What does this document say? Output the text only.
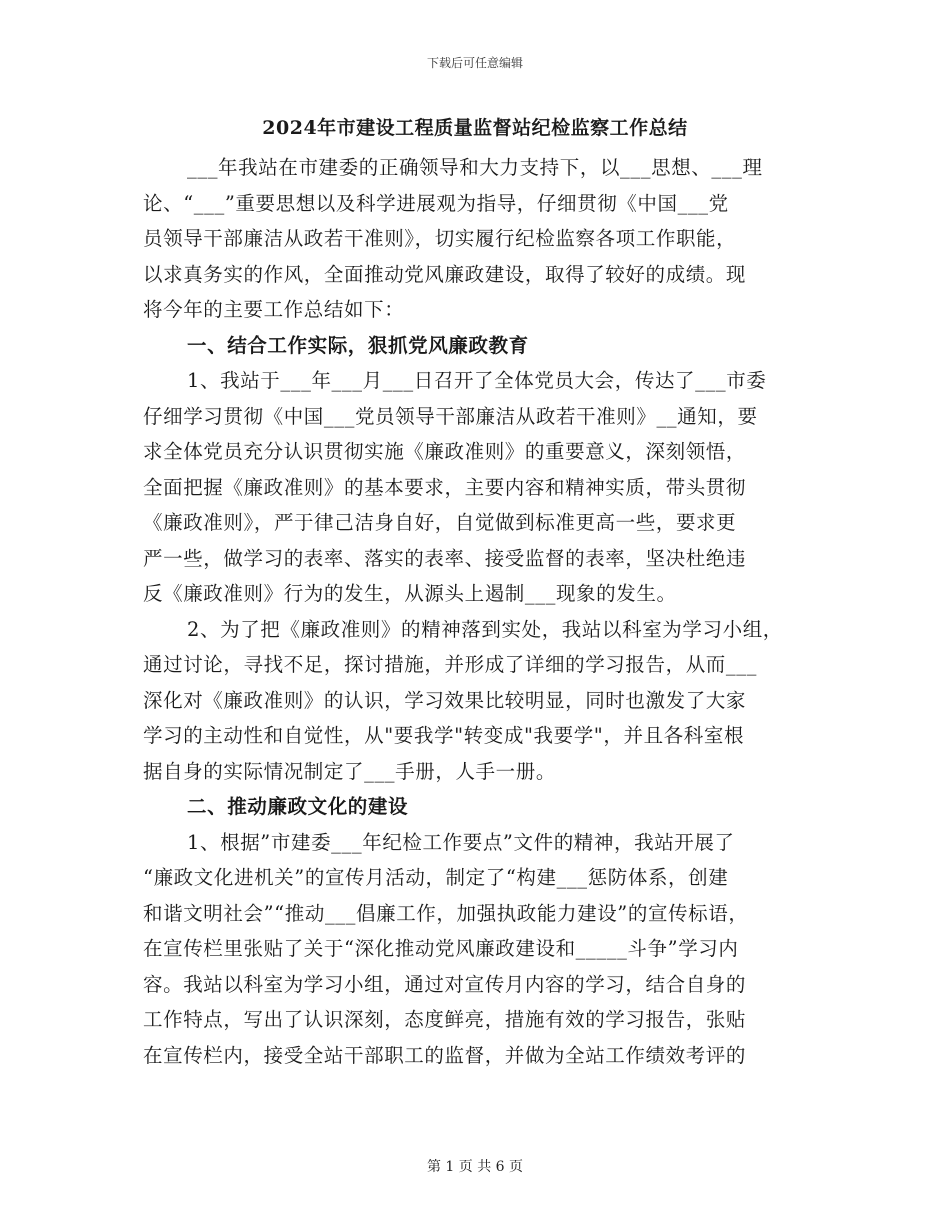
下载后可任意编辑
2024年市建设工程质量监督站纪检监察工作总结
___年我站在市建委的正确领导和大力支持下，以___思想、___理
论、“___”重要思想以及科学进展观为指导，仔细贯彻《中国___党
员领导干部廉洁从政若干准则》，切实履行纪检监察各项工作职能，
以求真务实的作风，全面推动党风廉政建设，取得了较好的成绩。现
将今年的主要工作总结如下：
一、结合工作实际，狠抓党风廉政教育
1、我站于___年___月___日召开了全体党员大会，传达了___市委
仔细学习贯彻《中国___党员领导干部廉洁从政若干准则》__通知，要
求全体党员充分认识贯彻实施《廉政准则》的重要意义，深刻领悟，
全面把握《廉政准则》的基本要求，主要内容和精神实质，带头贯彻
《廉政准则》，严于律己洁身自好，自觉做到标准更高一些，要求更
严一些，做学习的表率、落实的表率、接受监督的表率，坚决杜绝违
反《廉政准则》行为的发生，从源头上遏制___现象的发生。
2、为了把《廉政准则》的精神落到实处，我站以科室为学习小组，
通过讨论，寻找不足，探讨措施，并形成了详细的学习报告，从而___
深化对《廉政准则》的认识，学习效果比较明显，同时也激发了大家
学习的主动性和自觉性，从"要我学"转变成"我要学"，并且各科室根
据自身的实际情况制定了___手册，人手一册。
二、推动廉政文化的建设
1、根据”市建委___年纪检工作要点”文件的精神，我站开展了
“廉政文化进机关”的宣传月活动，制定了“构建___惩防体系，创建
和谐文明社会”“推动___倡廉工作，加强执政能力建设”的宣传标语，
在宣传栏里张贴了关于“深化推动党风廉政建设和_____斗争”学习内
容。我站以科室为学习小组，通过对宣传月内容的学习，结合自身的
工作特点，写出了认识深刻，态度鲜亮，措施有效的学习报告，张贴
在宣传栏内，接受全站干部职工的监督，并做为全站工作绩效考评的
第 1 页 共 6 页
